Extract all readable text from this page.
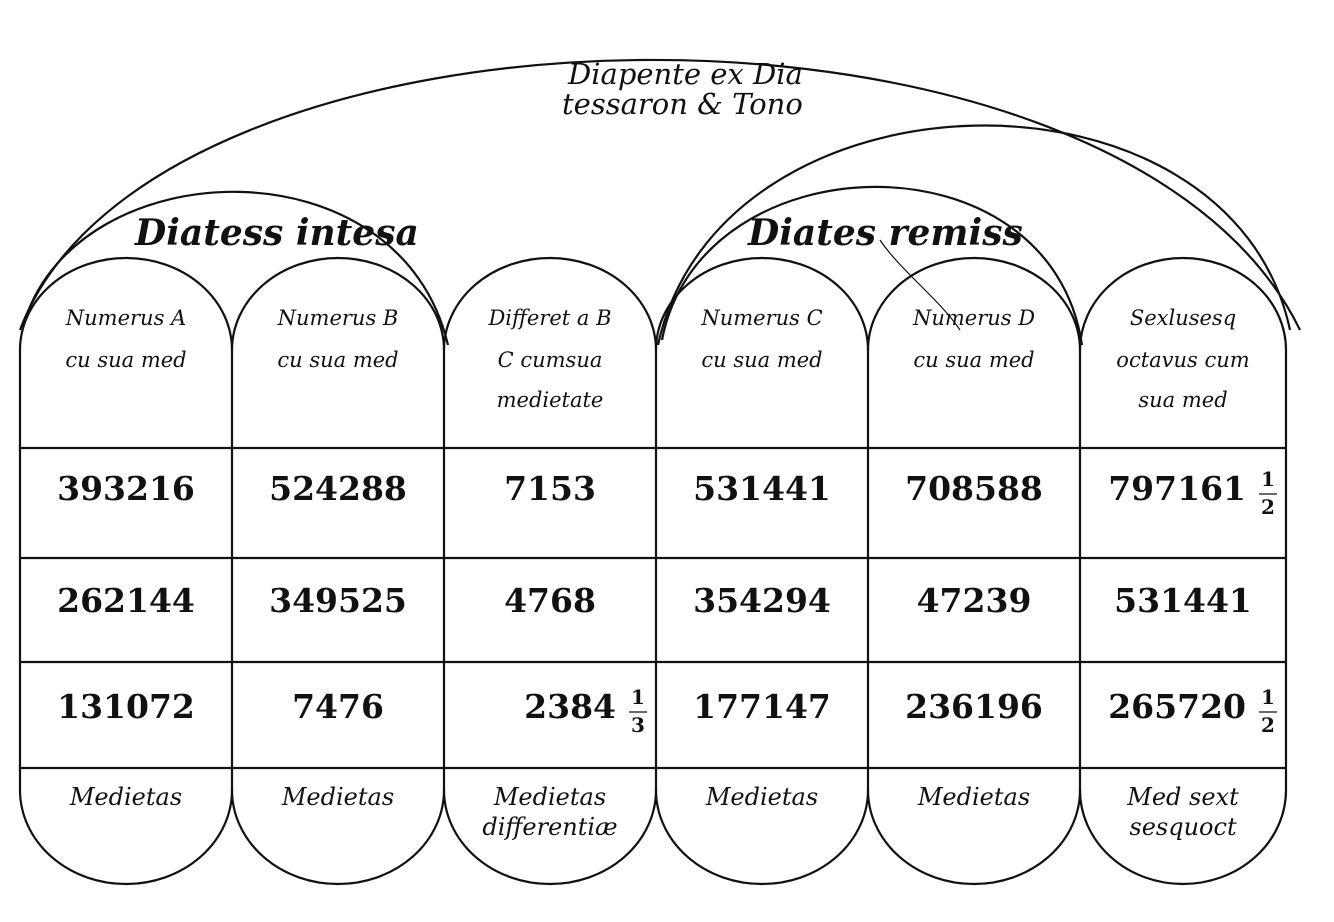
Diapente ex Dia
tessaron & Tono
Diatess intesa	Diates remiss
Numerus A
cu sua med
393216
262144
131072
Medietas
Numerus B
cu sua med
524288
349525
7476
Medietas
Differet a B
C cumsua
medietate
7153
4768
2384 1
3
Medietas
differentiæ
Numerus C
cu sua med
531441
354294
177147
Medietas
Numerus D
cu sua med
708588
47239
236196
Medietas
Sexlusesq
octavus cum
sua med
797161 1
2
531441
265720 1
2
Med sext
sesquoct
